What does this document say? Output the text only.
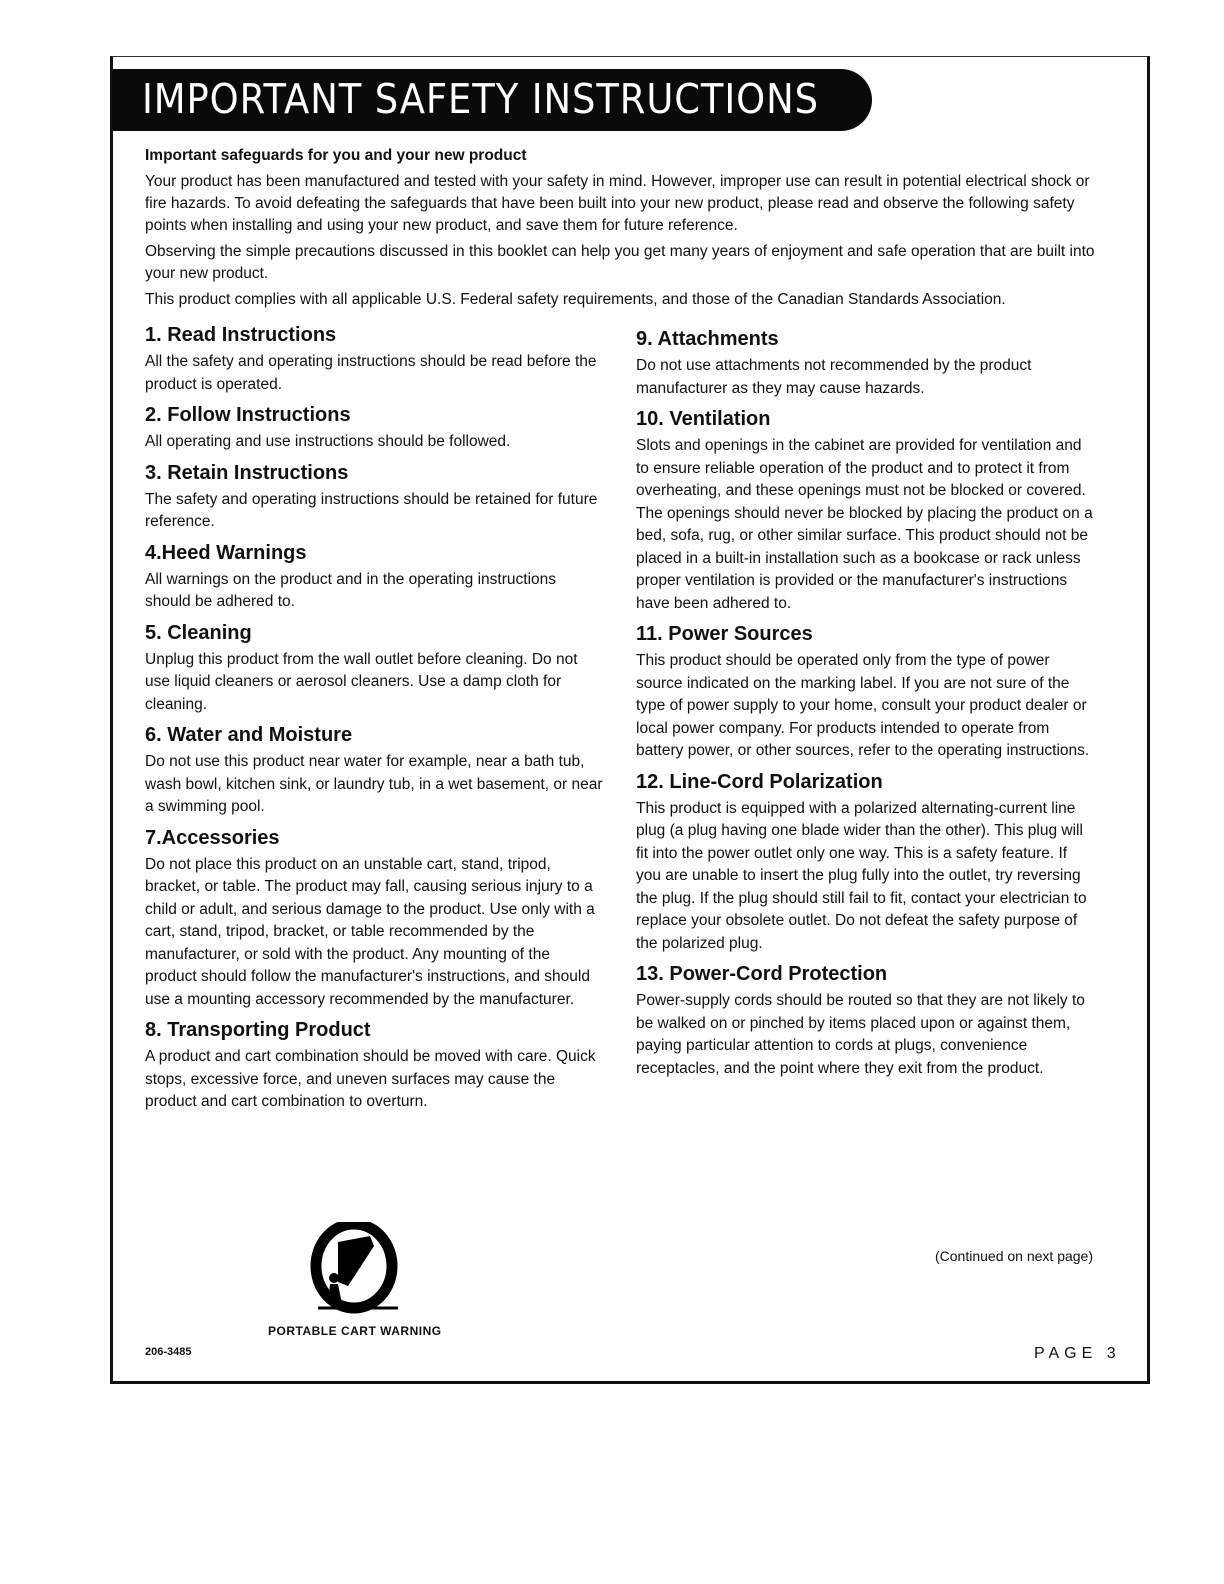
IMPORTANT SAFETY INSTRUCTIONS
Important safeguards for you and your new product

Your product has been manufactured and tested with your safety in mind. However, improper use can result in potential electrical shock or fire hazards. To avoid defeating the safeguards that have been built into your new product, please read and observe the following safety points when installing and using your new product, and save them for future reference.

Observing the simple precautions discussed in this booklet can help you get many years of enjoyment and safe operation that are built into your new product.

This product complies with all applicable U.S. Federal safety requirements, and those of the Canadian Standards Association.

1. Read Instructions

All the safety and operating instructions should be read before the product is operated.

2. Follow Instructions

All operating and use instructions should be followed.

3. Retain Instructions

The safety and operating instructions should be retained for future reference.

4.Heed Warnings

All warnings on the product and in the operating instructions should be adhered to.

5. Cleaning

Unplug this product from the wall outlet before cleaning. Do not use liquid cleaners or aerosol cleaners. Use a damp cloth for cleaning.

6. Water and Moisture

Do not use this product near water for example, near a bath tub, wash bowl, kitchen sink, or laundry tub, in a wet basement, or near a swimming pool.

7.Accessories

Do not place this product on an unstable cart, stand, tripod, bracket, or table. The product may fall, causing serious injury to a child or adult, and serious damage to the product. Use only with a cart, stand, tripod, bracket, or table recommended by the manufacturer, or sold with the product. Any mounting of the product should follow the manufacturer's instructions, and should use a mounting accessory recommended by the manufacturer.

8. Transporting Product

A product and cart combination should be moved with care. Quick stops, excessive force, and uneven surfaces may cause the product and cart combination to overturn.

9. Attachments

Do not use attachments not recommended by the product manufacturer as they may cause hazards.

10. Ventilation

Slots and openings in the cabinet are provided for ventilation and to ensure reliable operation of the product and to protect it from overheating, and these openings must not be blocked or covered. The openings should never be blocked by placing the product on a bed, sofa, rug, or other similar surface. This product should not be placed in a built-in installation such as a bookcase or rack unless proper ventilation is provided or the manufacturer's instructions have been adhered to.

11. Power Sources

This product should be operated only from the type of power source indicated on the marking label. If you are not sure of the type of power supply to your home, consult your product dealer or local power company. For products intended to operate from battery power, or other sources, refer to the operating instructions.

12. Line-Cord Polarization

This product is equipped with a polarized alternating-current line plug (a plug having one blade wider than the other). This plug will fit into the power outlet only one way. This is a safety feature. If you are unable to insert the plug fully into the outlet, try reversing the plug. If the plug should still fail to fit, contact your electrician to replace your obsolete outlet. Do not defeat the safety purpose of the polarized plug.

13. Power-Cord Protection

Power-supply cords should be routed so that they are not likely to be walked on or pinched by items placed upon or against them, paying particular attention to cords at plugs, convenience receptacles, and the point where they exit from the product.

PORTABLE CART WARNING
(Continued on next page)
206-3485	PAGE 3
